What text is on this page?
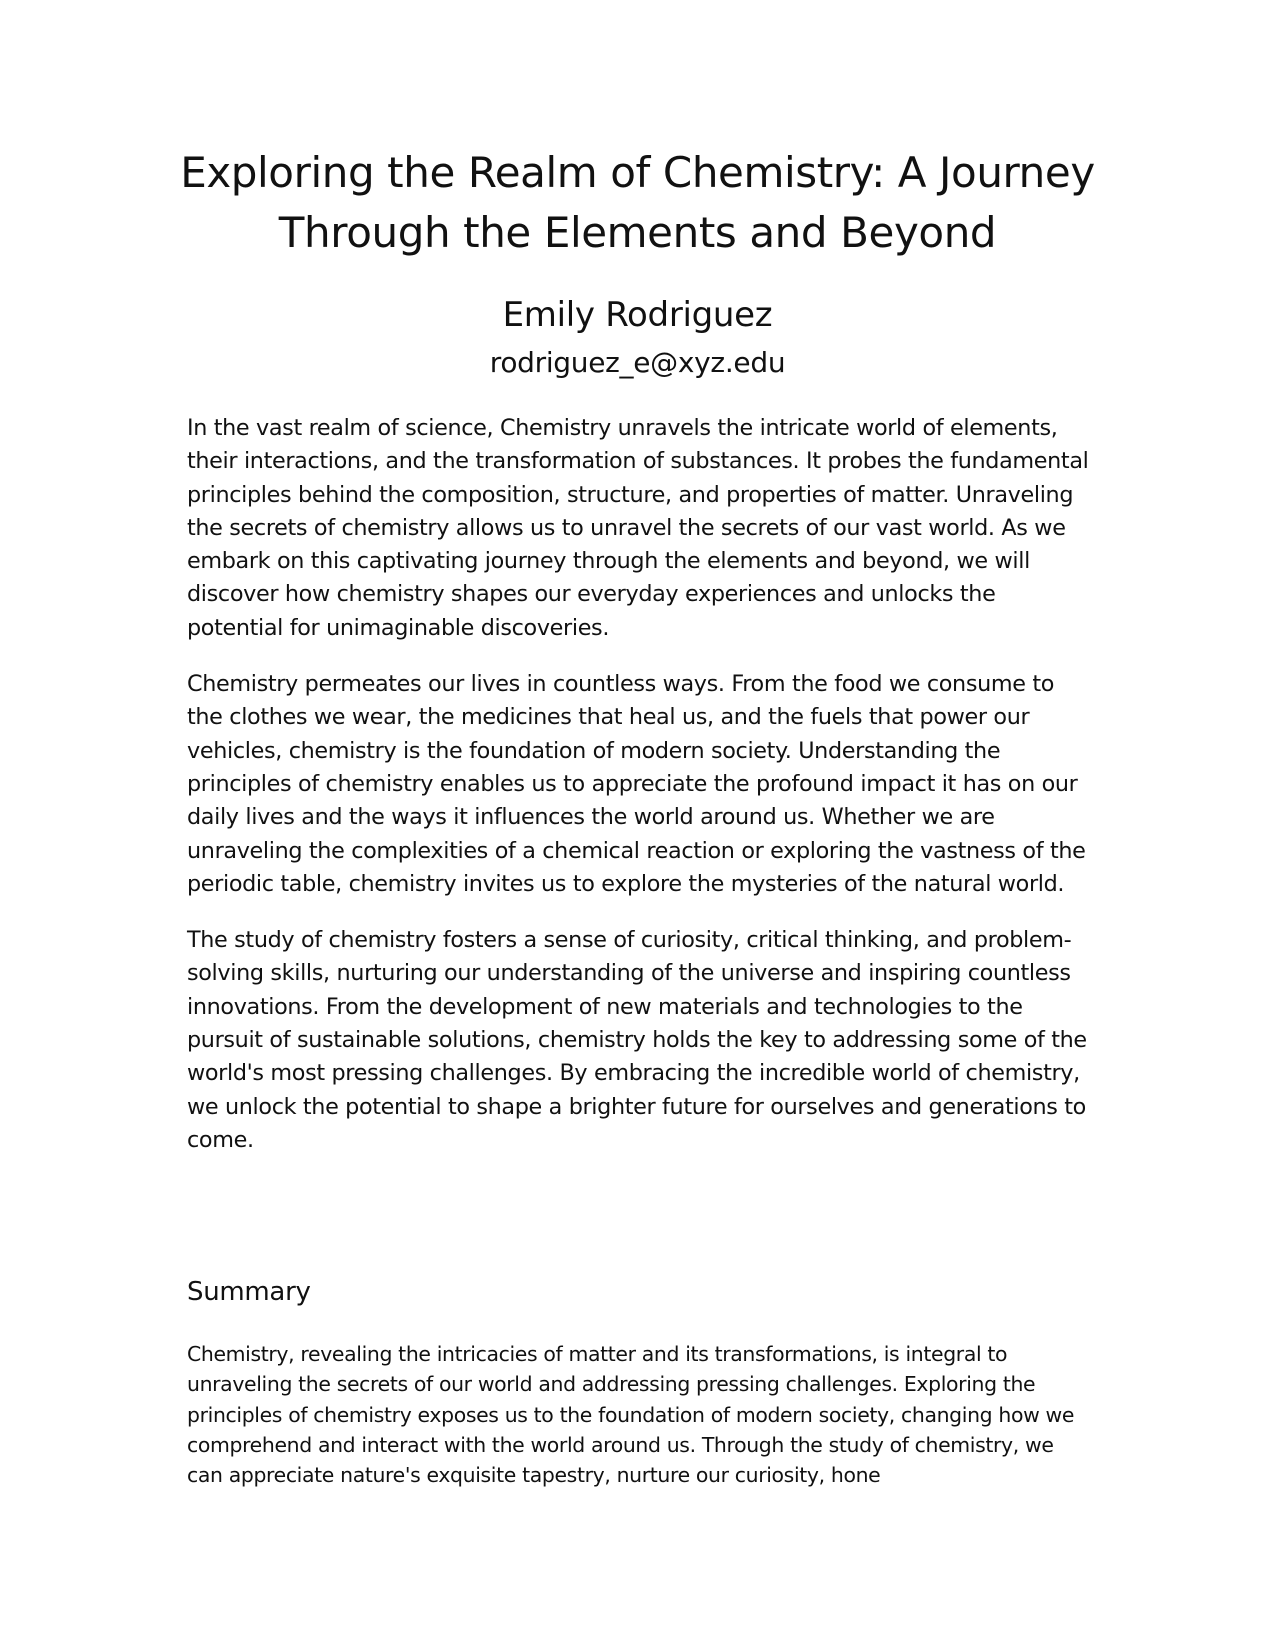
Exploring the Realm of Chemistry: A Journey Through the Elements and Beyond
Emily Rodriguez
rodriguez_e@xyz.edu

In the vast realm of science, Chemistry unravels the intricate world of elements, their interactions, and the transformation of substances. It probes the fundamental principles behind the composition, structure, and properties of matter. Unraveling the secrets of chemistry allows us to unravel the secrets of our vast world. As we embark on this captivating journey through the elements and beyond, we will discover how chemistry shapes our everyday experiences and unlocks the potential for unimaginable discoveries.

Chemistry permeates our lives in countless ways. From the food we consume to the clothes we wear, the medicines that heal us, and the fuels that power our vehicles, chemistry is the foundation of modern society. Understanding the principles of chemistry enables us to appreciate the profound impact it has on our daily lives and the ways it influences the world around us. Whether we are unraveling the complexities of a chemical reaction or exploring the vastness of the periodic table, chemistry invites us to explore the mysteries of the natural world.

The study of chemistry fosters a sense of curiosity, critical thinking, and problem-solving skills, nurturing our understanding of the universe and inspiring countless innovations. From the development of new materials and technologies to the pursuit of sustainable solutions, chemistry holds the key to addressing some of the world's most pressing challenges. By embracing the incredible world of chemistry, we unlock the potential to shape a brighter future for ourselves and generations to come.

Summary

Chemistry, revealing the intricacies of matter and its transformations, is integral to unraveling the secrets of our world and addressing pressing challenges. Exploring the principles of chemistry exposes us to the foundation of modern society, changing how we comprehend and interact with the world around us. Through the study of chemistry, we can appreciate nature's exquisite tapestry, nurture our curiosity, hone
